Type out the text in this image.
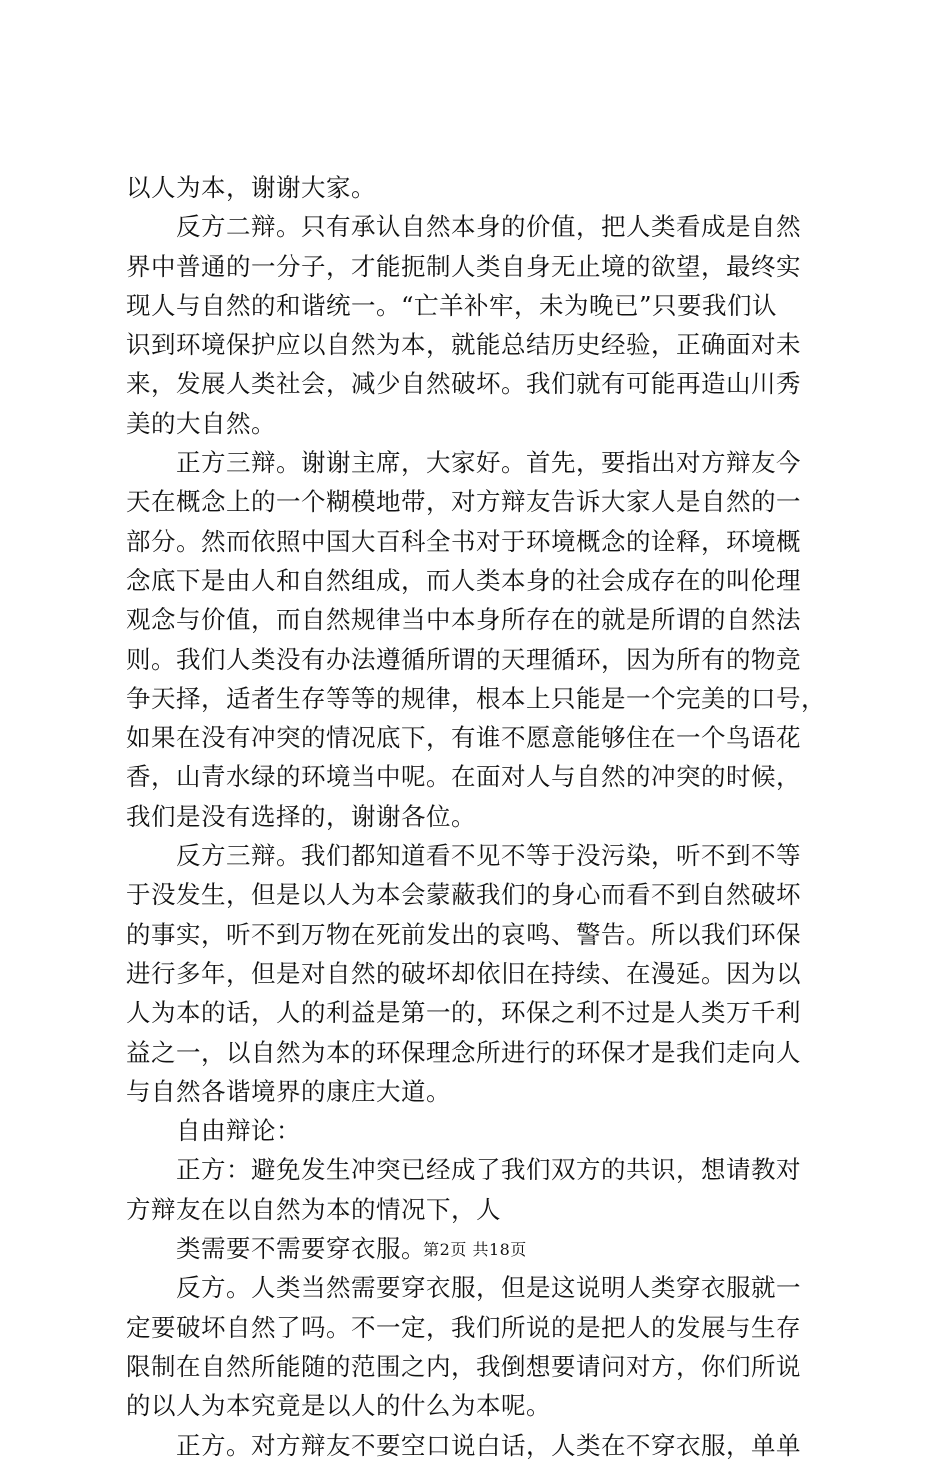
以人为本，谢谢大家。
　　反方二辩。只有承认自然本身的价值，把人类看成是自然
界中普通的一分子，才能扼制人类自身无止境的欲望，最终实
现人与自然的和谐统一。“亡羊补牢，未为晚已”只要我们认
识到环境保护应以自然为本，就能总结历史经验，正确面对未
来，发展人类社会，减少自然破坏。我们就有可能再造山川秀
美的大自然。
　　正方三辩。谢谢主席，大家好。首先，要指出对方辩友今
天在概念上的一个糊模地带，对方辩友告诉大家人是自然的一
部分。然而依照中国大百科全书对于环境概念的诠释，环境概
念底下是由人和自然组成，而人类本身的社会成存在的叫伦理
观念与价值，而自然规律当中本身所存在的就是所谓的自然法
则。我们人类没有办法遵循所谓的天理循环，因为所有的物竞
争天择，适者生存等等的规律，根本上只能是一个完美的口号，
如果在没有冲突的情况底下，有谁不愿意能够住在一个鸟语花
香，山青水绿的环境当中呢。在面对人与自然的冲突的时候，
我们是没有选择的，谢谢各位。
　　反方三辩。我们都知道看不见不等于没污染，听不到不等
于没发生，但是以人为本会蒙蔽我们的身心而看不到自然破坏
的事实，听不到万物在死前发出的哀鸣、警告。所以我们环保
进行多年，但是对自然的破坏却依旧在持续、在漫延。因为以
人为本的话，人的利益是第一的，环保之利不过是人类万千利
益之一，以自然为本的环保理念所进行的环保才是我们走向人
与自然各谐境界的康庄大道。
　　自由辩论：
　　正方：避免发生冲突已经成了我们双方的共识，想请教对
方辩友在以自然为本的情况下，人
　　类需要不需要穿衣服。
　　反方。人类当然需要穿衣服，但是这说明人类穿衣服就一
定要破坏自然了吗。不一定，我们所说的是把人的发展与生存
限制在自然所能随的范围之内，我倒想要请问对方，你们所说
的以人为本究竟是以人的什么为本呢。
　　正方。对方辩友不要空口说白话，人类在不穿衣服，单单
第2页 共18页
